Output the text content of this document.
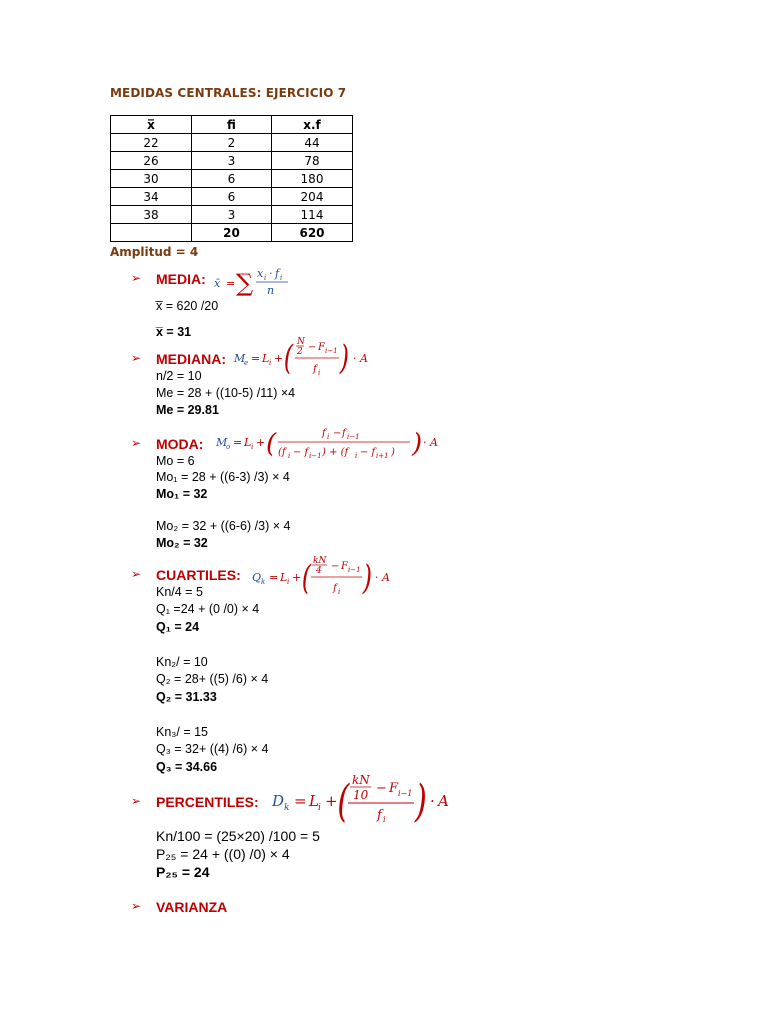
MEDIDAS CENTRALES: EJERCICIO 7
x̅	fi	x.f
22	2	44
26	3	78
30	6	180
34	6	204
38	3	114
	20	620
Amplitud = 4
➢ MEDIA: x̄ = ∑ x i · f i
n
x̅ = 620 /20
x̅ = 31
➢ MEDIANA: M
e = L i + ( N
2 − F i−1
f i ) · A
n/2 = 10
Me = 28 + ((10-5) /11) ×4
Me = 29.81
➢ MODA: M
o = L i + (	f i − f i−1
(f i − f i−1 ) + (f i − f i+1 ) ) · A
Mo = 6
Mo₁ = 28 + ((6-3) /3) × 4
Mo₁ = 32
Mo₂ = 32 + ((6-6) /3) × 4
Mo₂ = 32
➢ CUARTILES: Q k = L i + ( kN
4 − F i−1
f i ) · A
Kn/4 = 5
Q₁ =24 + (0 /0) × 4
Q₁ = 24
Kn₂/ = 10
Q₂ = 28+ ((5) /6) × 4
Q₂ = 31.33
Kn₃/ = 15
Q₃ = 32+ ((4) /6) × 4
Q₃ = 34.66
➢ PERCENTILES: D k = L i + ( kN
10 − F i−1
f i ) · A
Kn/100 = (25×20) /100 = 5
P₂₅ = 24 + ((0) /0) × 4
P₂₅ = 24
➢ VARIANZA
